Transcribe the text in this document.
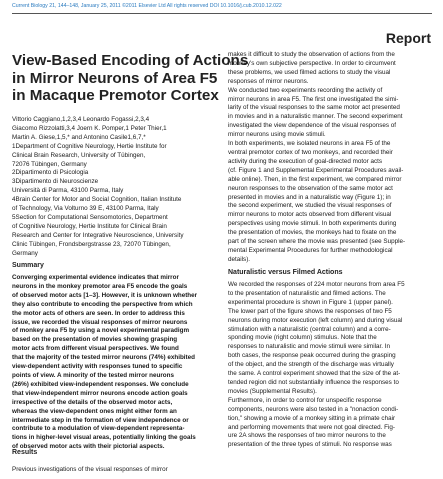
Current Biology 21, 144–148, January 25, 2011 ©2011 Elsevier Ltd All rights reserved DOI 10.1016/j.cub.2010.12.022
Report
View-Based Encoding of Actions
in Mirror Neurons of Area F5
in Macaque Premotor Cortex
Vittorio Caggiano,1,2,3,4 Leonardo Fogassi,2,3,4
Giacomo Rizzolatti,3,4 Joern K. Pomper,1 Peter Thier,1
Martin A. Giese,1,5,* and Antonino Casile1,6,7,*
1Department of Cognitive Neurology, Hertie Institute for
Clinical Brain Research, University of Tübingen,
72076 Tübingen, Germany
2Dipartimento di Psicologia
3Dipartimento di Neuroscienze
Università di Parma, 43100 Parma, Italy
4Brain Center for Motor and Social Cognition, Italian Institute
of Technology, Via Volturno 39 E, 43100 Parma, Italy
5Section for Computational Sensomotorics, Department
of Cognitive Neurology, Hertie Institute for Clinical Brain
Research and Center for Integrative Neuroscience, University
Clinic Tübingen, Frondsbergstrasse 23, 72070 Tübingen,
Germany
Summary
Converging experimental evidence indicates that mirror
neurons in the monkey premotor area F5 encode the goals
of observed motor acts [1–3]. However, it is unknown whether
they also contribute to encoding the perspective from which
the motor acts of others are seen. In order to address this
issue, we recorded the visual responses of mirror neurons
of monkey area F5 by using a novel experimental paradigm
based on the presentation of movies showing grasping
motor acts from different visual perspectives. We found
that the majority of the tested mirror neurons (74%) exhibited
view-dependent activity with responses tuned to specific
points of view. A minority of the tested mirror neurons
(26%) exhibited view-independent responses. We conclude
that view-independent mirror neurons encode action goals
irrespective of the details of the observed motor acts,
whereas the view-dependent ones might either form an
intermediate step in the formation of view independence or
contribute to a modulation of view-dependent representa-
tions in higher-level visual areas, potentially linking the goals
of observed motor acts with their pictorial aspects.
Results
Previous investigations of the visual responses of mirror
makes it difficult to study the observation of actions from the
monkey's own subjective perspective. In order to circumvent
these problems, we used filmed actions to study the visual
responses of mirror neurons.
We conducted two experiments recording the activity of
mirror neurons in area F5. The first one investigated the simi-
larity of the visual responses to the same motor act presented
in movies and in a naturalistic manner. The second experiment
investigated the view dependence of the visual responses of
mirror neurons using movie stimuli.
In both experiments, we isolated neurons in area F5 of the
ventral premotor cortex of two monkeys, and recorded their
activity during the execution of goal-directed motor acts
(cf. Figure 1 and Supplemental Experimental Procedures avail-
able online). Then, in the first experiment, we compared mirror
neuron responses to the observation of the same motor act
presented in movies and in a naturalistic way (Figure 1); in
the second experiment, we studied the visual responses of
mirror neurons to motor acts observed from different visual
perspectives using movie stimuli. In both experiments during
the presentation of movies, the monkeys had to fixate on the
part of the screen where the movie was presented (see Supple-
mental Experimental Procedures for further methodological
details).
Naturalistic versus Filmed Actions
We recorded the responses of 224 motor neurons from area F5
to the presentation of naturalistic and filmed actions. The
experimental procedure is shown in Figure 1 (upper panel).
The lower part of the figure shows the responses of two F5
neurons during motor execution (left column) and during visual
stimulation with a naturalistic (central column) and a corre-
sponding movie (right column) stimulus. Note that the
responses to naturalistic and movie stimuli were similar. In
both cases, the response peak occurred during the grasping
of the object, and the strength of the discharge was virtually
the same. A control experiment showed that the size of the at-
tended region did not substantially influence the responses to
movies (Supplemental Results).
Furthermore, in order to control for unspecific response
components, neurons were also tested in a "nonaction condi-
tion," showing a movie of a monkey sitting in a primate chair
and performing movements that were not goal directed. Fig-
ure 2A shows the responses of two mirror neurons to the
presentation of the three types of stimuli. No response was
